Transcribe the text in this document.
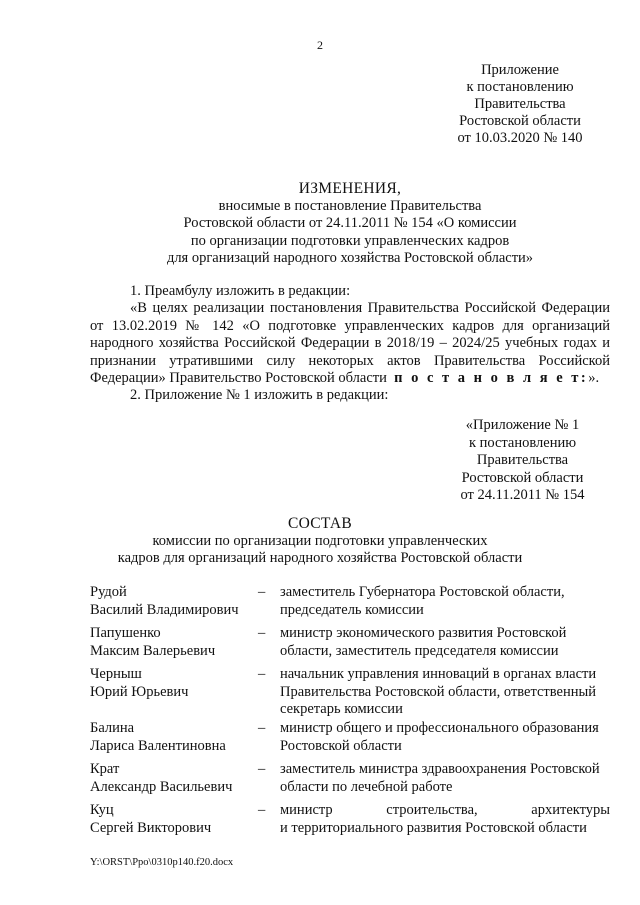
2
Приложение
к постановлению
Правительства
Ростовской области
от 10.03.2020 № 140
ИЗМЕНЕНИЯ,
вносимые в постановление Правительства
Ростовской области от 24.11.2011 № 154 «О комиссии
по организации подготовки управленческих кадров
для организаций народного хозяйства Ростовской области»
1. Преамбулу изложить в редакции:
«В целях реализации постановления Правительства Российской Федерации от 13.02.2019 № 142 «О подготовке управленческих кадров для организаций народного хозяйства Российской Федерации в 2018/19 – 2024/25 учебных годах и признании утратившими силу некоторых актов Правительства Российской Федерации» Правительство Ростовской области п о с т а н о в л я е т:».
2. Приложение № 1 изложить в редакции:
«Приложение № 1
к постановлению
Правительства
Ростовской области
от 24.11.2011 № 154
СОСТАВ
комиссии по организации подготовки управленческих
кадров для организаций народного хозяйства Ростовской области
Рудой
Василий Владимирович
– заместитель Губернатора Ростовской области,
председатель комиссии
Папушенко
Максим Валерьевич
– министр экономического развития Ростовской
области, заместитель председателя комиссии
Черныш
Юрий Юрьевич
– начальник управления инноваций в органах власти
Правительства Ростовской области, ответственный
секретарь комиссии
Балина
Лариса Валентиновна
– министр общего и профессионального образования
Ростовской области
Крат
Александр Васильевич
– заместитель министра здравоохранения Ростовской
области по лечебной работе
Куц
Сергей Викторович
– министр строительства, архитектуры
и территориального развития Ростовской области
Y:\ORST\Ppo\0310p140.f20.docx
